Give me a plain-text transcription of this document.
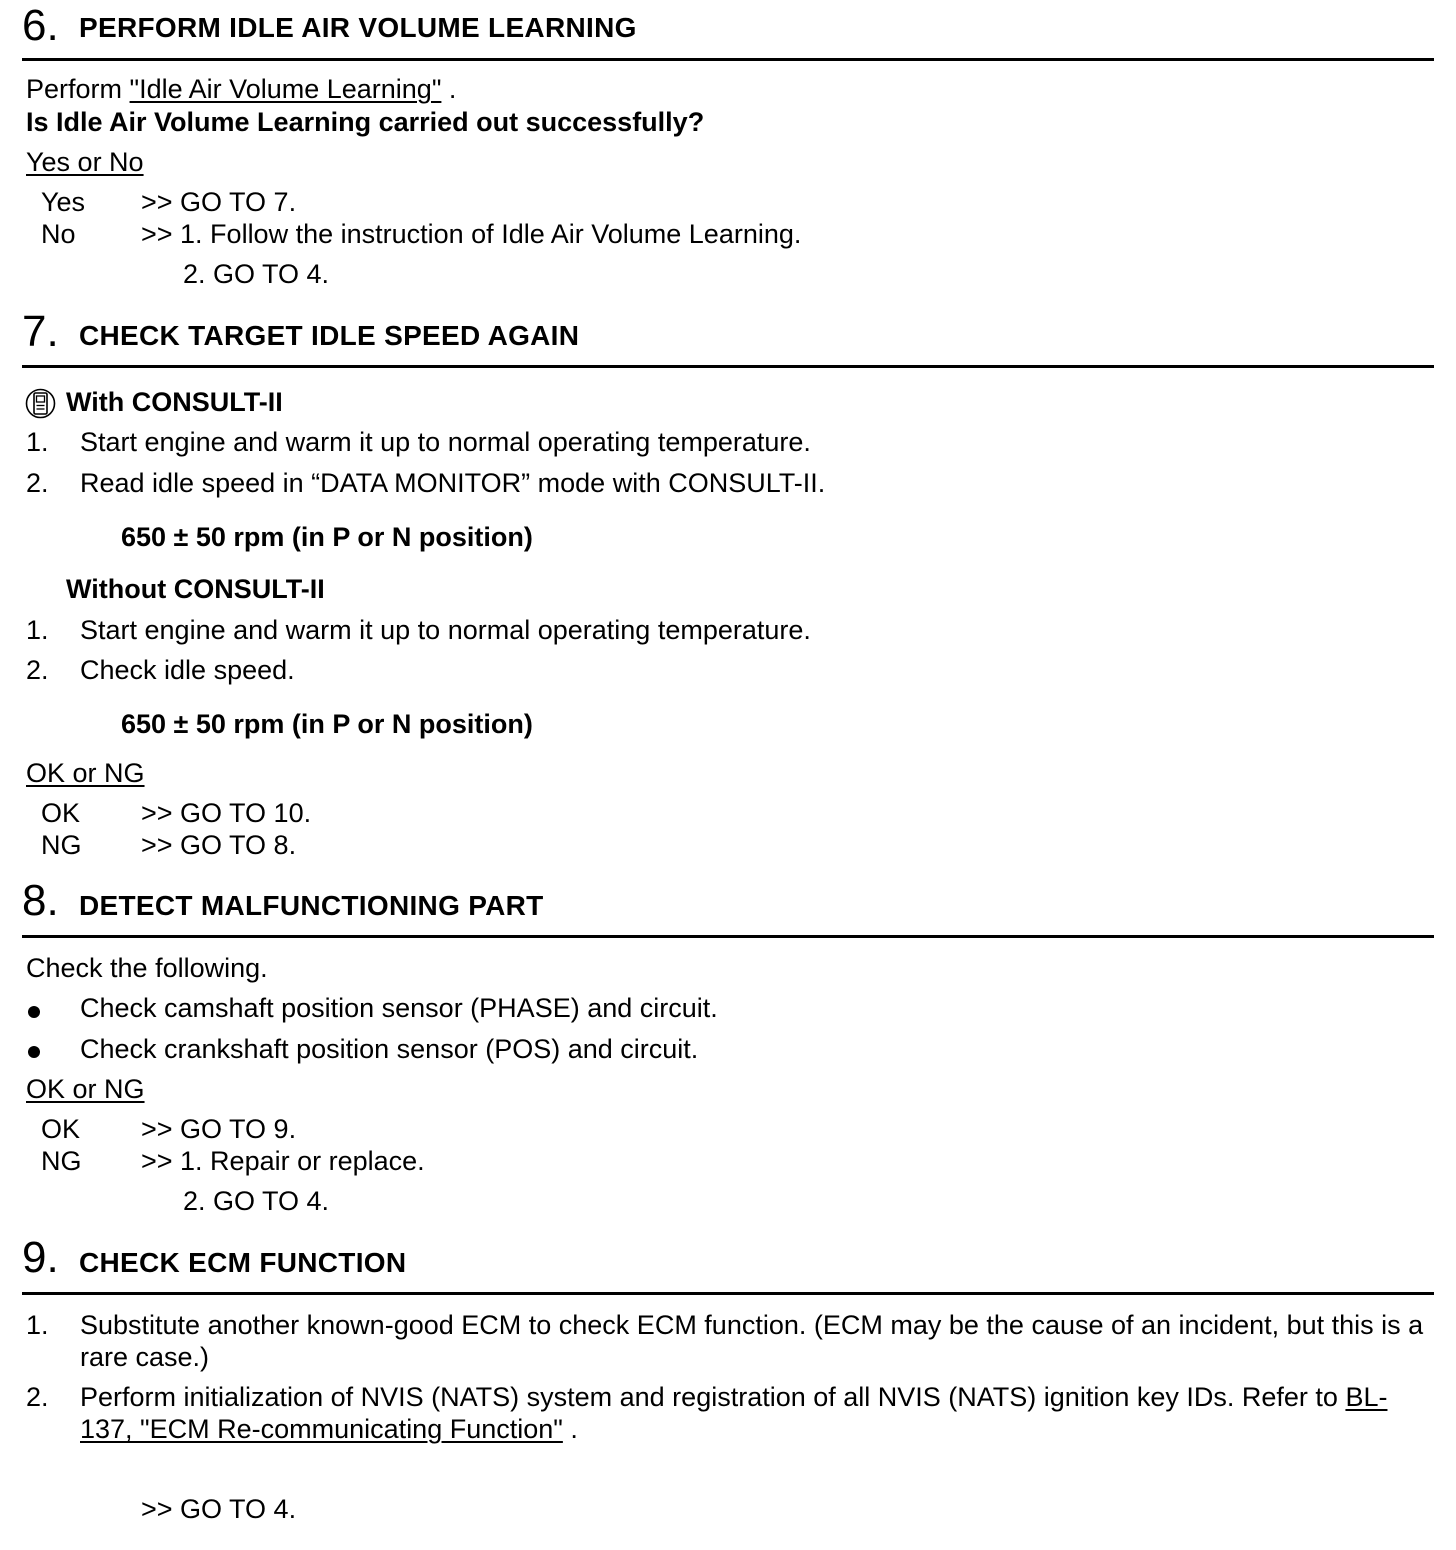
6. PERFORM IDLE AIR VOLUME LEARNING
Perform "Idle Air Volume Learning" .
Is Idle Air Volume Learning carried out successfully?
Yes or No
Yes >> GO TO 7.
No >> 1. Follow the instruction of Idle Air Volume Learning.
2. GO TO 4.
7. CHECK TARGET IDLE SPEED AGAIN
With CONSULT-II
1. Start engine and warm it up to normal operating temperature.
2. Read idle speed in “DATA MONITOR” mode with CONSULT-II.
650 ± 50 rpm (in P or N position)
Without CONSULT-II
1. Start engine and warm it up to normal operating temperature.
2. Check idle speed.
650 ± 50 rpm (in P or N position)
OK or NG
OK >> GO TO 10.
NG >> GO TO 8.
8. DETECT MALFUNCTIONING PART
Check the following.
Check camshaft position sensor (PHASE) and circuit.
Check crankshaft position sensor (POS) and circuit.
OK or NG
OK >> GO TO 9.
NG >> 1. Repair or replace.
2. GO TO 4.
9. CHECK ECM FUNCTION
1. Substitute another known-good ECM to check ECM function. (ECM may be the cause of an incident, but this is a rare case.)
2. Perform initialization of NVIS (NATS) system and registration of all NVIS (NATS) ignition key IDs. Refer to BL-137, "ECM Re-communicating Function" .
>> GO TO 4.
